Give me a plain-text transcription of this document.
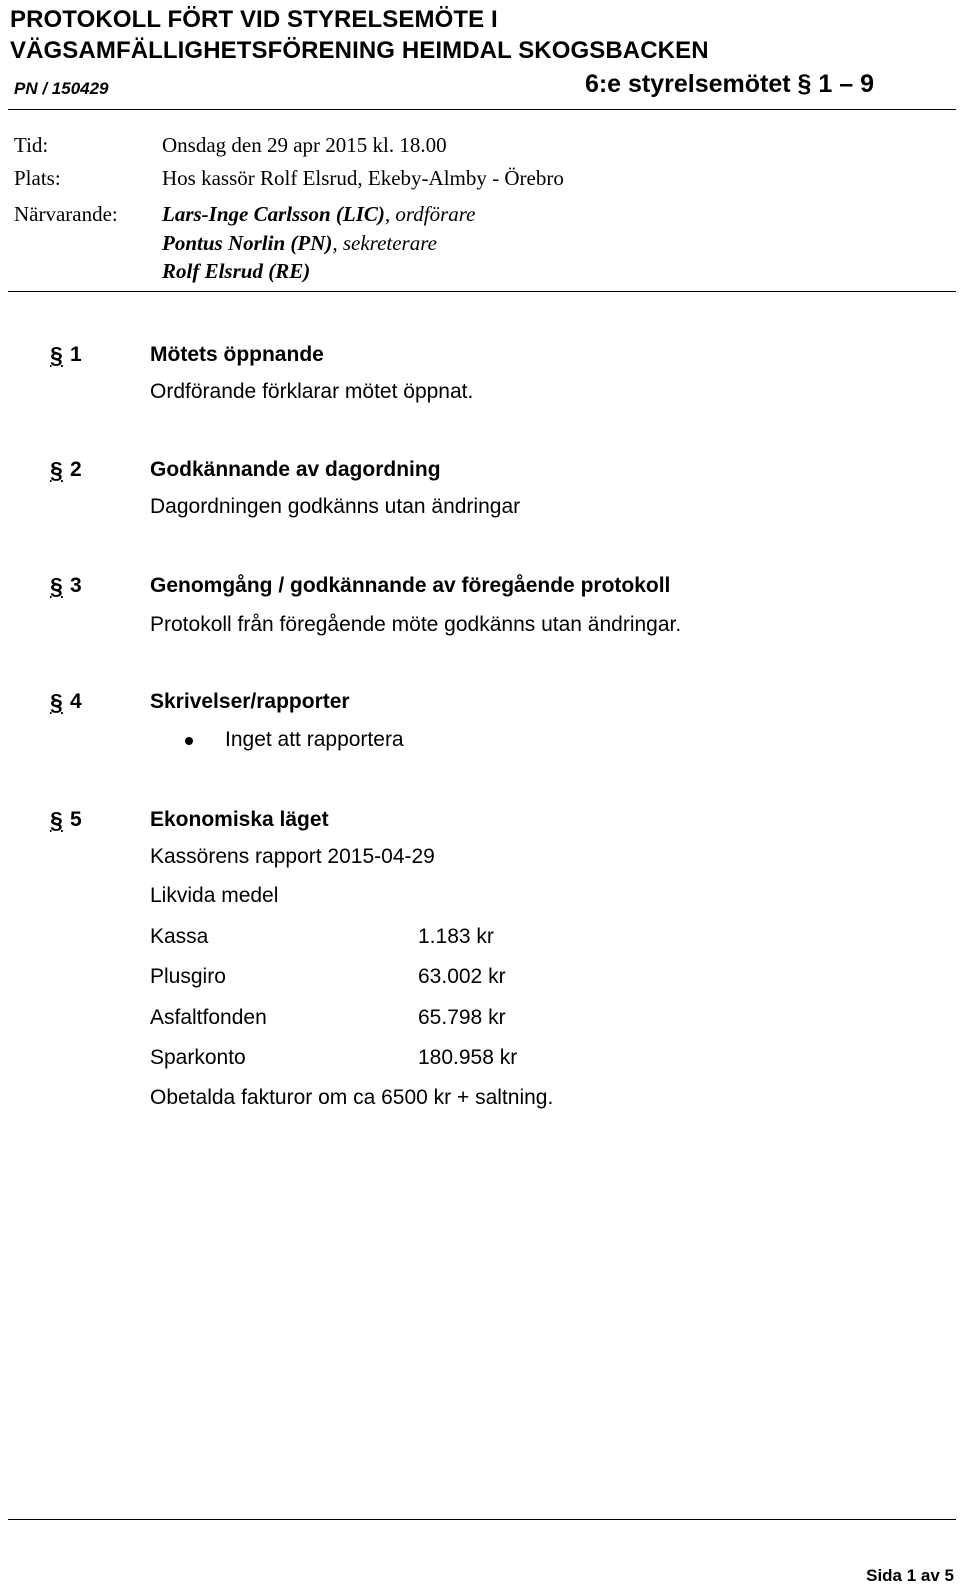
PROTOKOLL FÖRT VID STYRELSEMÖTE I
VÄGSAMFÄLLIGHETSFÖRENING HEIMDAL SKOGSBACKEN
PN / 150429	6:e styrelsemötet § 1 – 9
Tid:	Onsdag den 29 apr 2015 kl. 18.00
Plats:	Hos kassör Rolf Elsrud, Ekeby-Almby - Örebro
Närvarande: Lars-Inge Carlsson (LIC), ordförare
Pontus Norlin (PN), sekreterare
Rolf Elsrud (RE)
§ 1	Mötets öppnande
Ordförande förklarar mötet öppnat.
§ 2	Godkännande av dagordning
Dagordningen godkänns utan ändringar
§ 3	Genomgång / godkännande av föregående protokoll
Protokoll från föregående möte godkänns utan ändringar.
§ 4	Skrivelser/rapporter
Inget att rapportera
§ 5	Ekonomiska läget
Kassörens rapport 2015-04-29
Likvida medel
Kassa	1.183 kr
Plusgiro	63.002 kr
Asfaltfonden	65.798 kr
Sparkonto	180.958 kr
Obetalda fakturor om ca 6500 kr + saltning.
Sida 1 av 5
